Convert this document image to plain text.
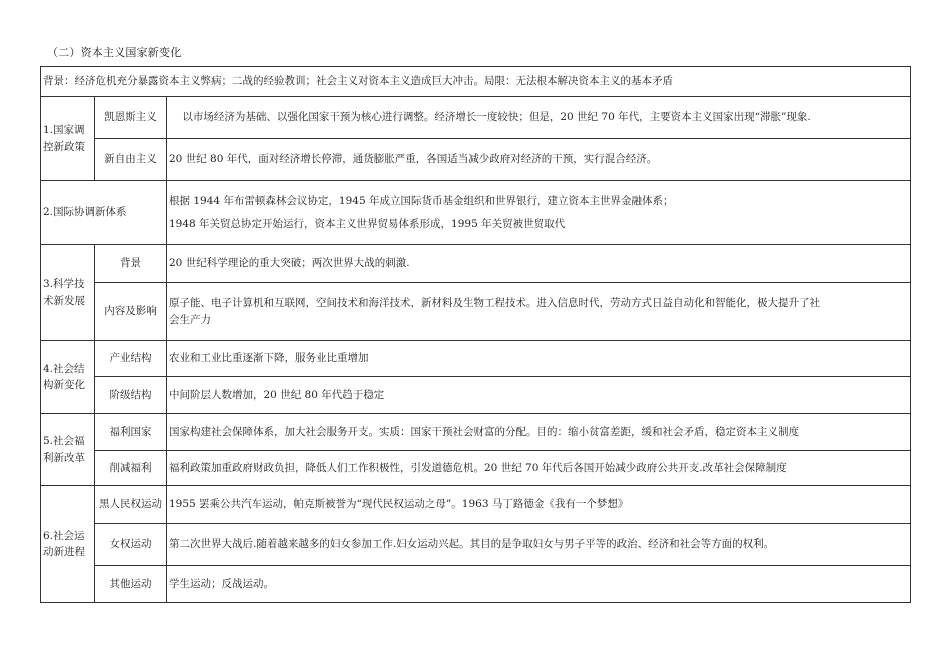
（二）资本主义国家新变化
背景：经济危机充分暴露资本主义弊病；二战的经验教训；社会主义对资本主义造成巨大冲击。局限：无法根本解决资本主义的基本矛盾		

1.国家调
控新政策	凯恩斯主义	以市场经济为基础、以强化国家干预为核心进行调整。经济增长一度较快；但是，20 世纪 70 年代，主要资本主义国家出现“滞胀”现象.

	新自由主义	20 世纪 80 年代，面对经济增长停滞，通货膨胀严重，各国适当减少政府对经济的干预，实行混合经济。

2.国际协调新体系		根据 1944 年布雷顿森林会议协定，1945 年成立国际货币基金组织和世界银行，建立资本主世界金融体系；
1948 年关贸总协定开始运行，资本主义世界贸易体系形成，1995 年关贸被世贸取代

3.科学技
术新发展	背景	20 世纪科学理论的重大突破；两次世界大战的刺激.

	内容及影响	原子能、电子计算机和互联网，空间技术和海洋技术，新材料及生物工程技术。进入信息时代，劳动方式日益自动化和智能化，极大提升了社
会生产力

4.社会结
构新变化	产业结构	农业和工业比重逐渐下降，服务业比重增加

	阶级结构	中间阶层人数增加，20 世纪 80 年代趋于稳定

5.社会福
利新改革	福利国家	国家构建社会保障体系，加大社会服务开支。实质：国家干预社会财富的分配。目的：缩小贫富差距，缓和社会矛盾，稳定资本主义制度

	削减福利	福利政策加重政府财政负担，降低人们工作积极性，引发道德危机。20 世纪 70 年代后各国开始减少政府公共开支.改革社会保障制度

6.社会运
动新进程	黑人民权运动	1955 罢乘公共汽车运动，帕克斯被誉为“现代民权运动之母”。1963 马丁路德金《我有一个梦想》

	女权运动	第二次世界大战后.随着越来越多的妇女参加工作.妇女运动兴起。其目的是争取妇女与男子平等的政治、经济和社会等方面的权利。

	其他运动	学生运动；反战运动。
